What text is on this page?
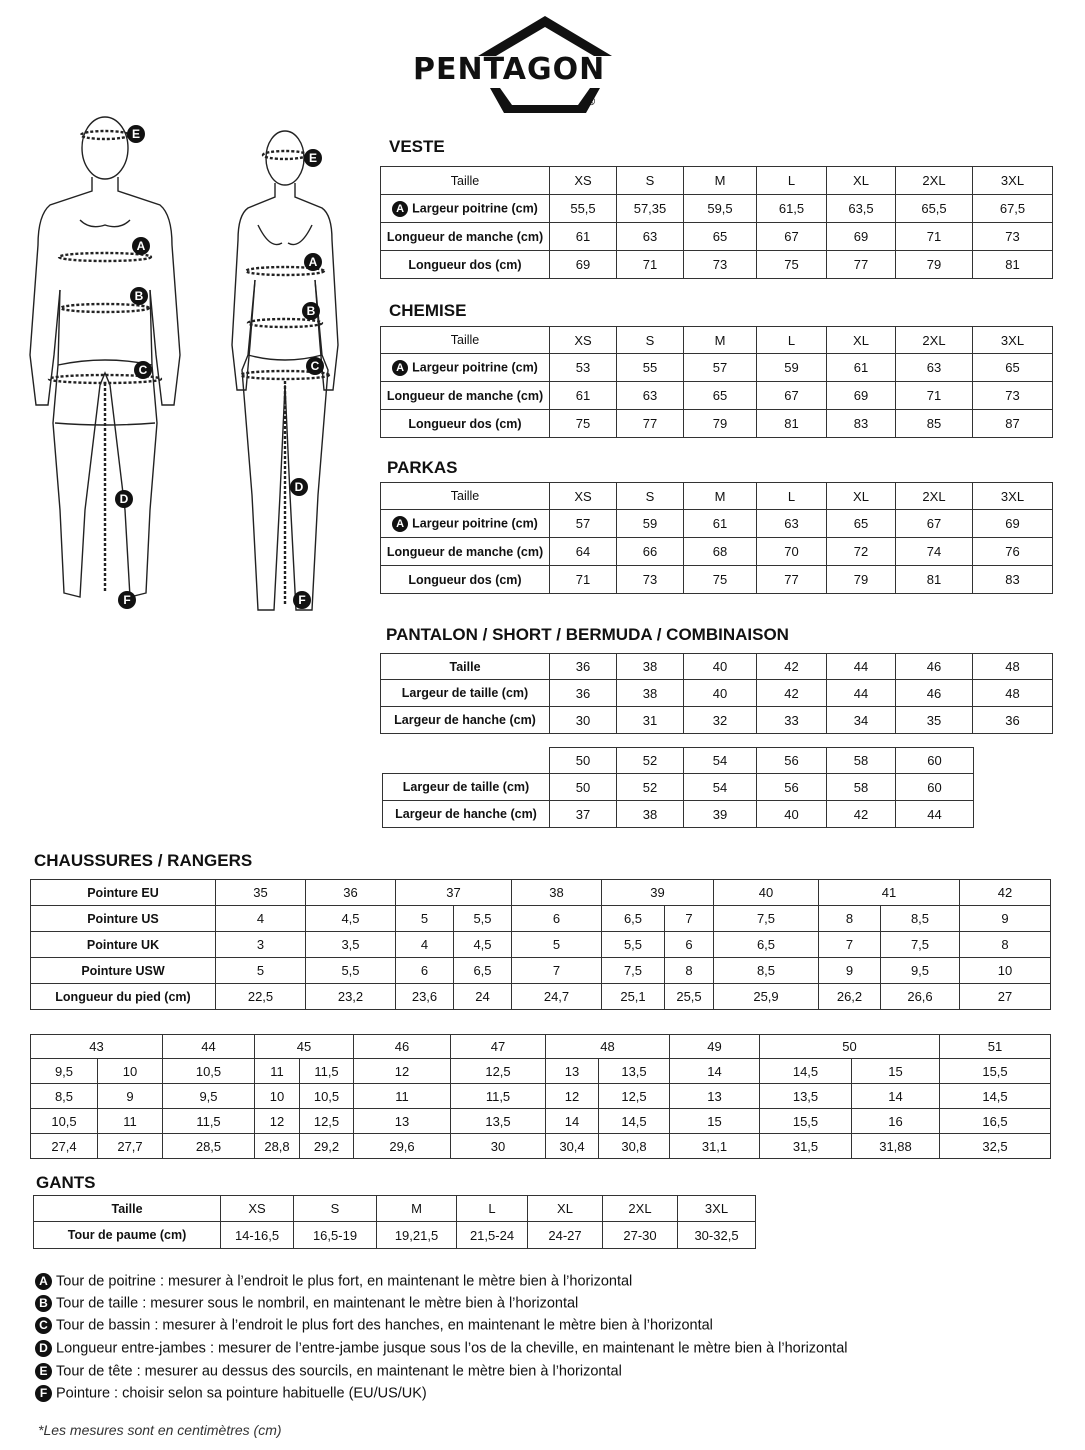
PENTAGON
®
E
A
B
C
D
F
E
A
B
C
D
F
VESTE
Taille	XS	S	M	L	XL	2XL	3XL
A Largeur poitrine (cm)	55,5	57,35	59,5	61,5	63,5	65,5	67,5
Longueur de manche (cm)	61	63	65	67	69	71	73
Longueur dos (cm)	69	71	73	75	77	79	81
CHEMISE
Taille	XS	S	M	L	XL	2XL	3XL
A Largeur poitrine (cm)	53	55	57	59	61	63	65
Longueur de manche (cm)	61	63	65	67	69	71	73
Longueur dos (cm)	75	77	79	81	83	85	87
PARKAS
Taille	XS	S	M	L	XL	2XL	3XL
A Largeur poitrine (cm)	57	59	61	63	65	67	69
Longueur de manche (cm)	64	66	68	70	72	74	76
Longueur dos (cm)	71	73	75	77	79	81	83
PANTALON / SHORT / BERMUDA / COMBINAISON
Taille	36	38	40	42	44	46	48
Largeur de taille (cm)	36	38	40	42	44	46	48
Largeur de hanche (cm)	30	31	32	33	34	35	36
	50	52	54	56	58	60
Largeur de taille (cm)	50	52	54	56	58	60
Largeur de hanche (cm)	37	38	39	40	42	44
CHAUSSURES / RANGERS
Pointure EU	35	36	37		38	39		40	41		42
Pointure US	4	4,5	5	5,5	6	6,5	7	7,5	8	8,5	9
Pointure UK	3	3,5	4	4,5	5	5,5	6	6,5	7	7,5	8
Pointure USW	5	5,5	6	6,5	7	7,5	8	8,5	9	9,5	10
Longueur du pied (cm)	22,5	23,2	23,6	24	24,7	25,1	25,5	25,9	26,2	26,6	27
43		44	45		46	47	48		49	50		51
9,5	10	10,5	11	11,5	12	12,5	13	13,5	14	14,5	15	15,5
8,5	9	9,5	10	10,5	11	11,5	12	12,5	13	13,5	14	14,5
10,5	11	11,5	12	12,5	13	13,5	14	14,5	15	15,5	16	16,5
27,4	27,7	28,5	28,8	29,2	29,6	30	30,4	30,8	31,1	31,5	31,88	32,5
GANTS
Taille	XS	S	M	L	XL	2XL	3XL
Tour de paume (cm)	14-16,5	16,5-19	19,21,5	21,5-24	24-27	27-30	30-32,5
A Tour de poitrine : mesurer à l’endroit le plus fort, en maintenant le mètre bien à l’horizontal
B Tour de taille : mesurer sous le nombril, en maintenant le mètre bien à l’horizontal
C Tour de bassin : mesurer à l’endroit le plus fort des hanches, en maintenant le mètre bien à l’horizontal
D Longueur entre-jambes : mesurer de l’entre-jambe jusque sous l’os de la cheville, en maintenant le mètre bien à l’horizontal
E Tour de tête : mesurer au dessus des sourcils, en maintenant le mètre bien à l’horizontal
F Pointure : choisir selon sa pointure habituelle (EU/US/UK)
*Les mesures sont en centimètres (cm)
